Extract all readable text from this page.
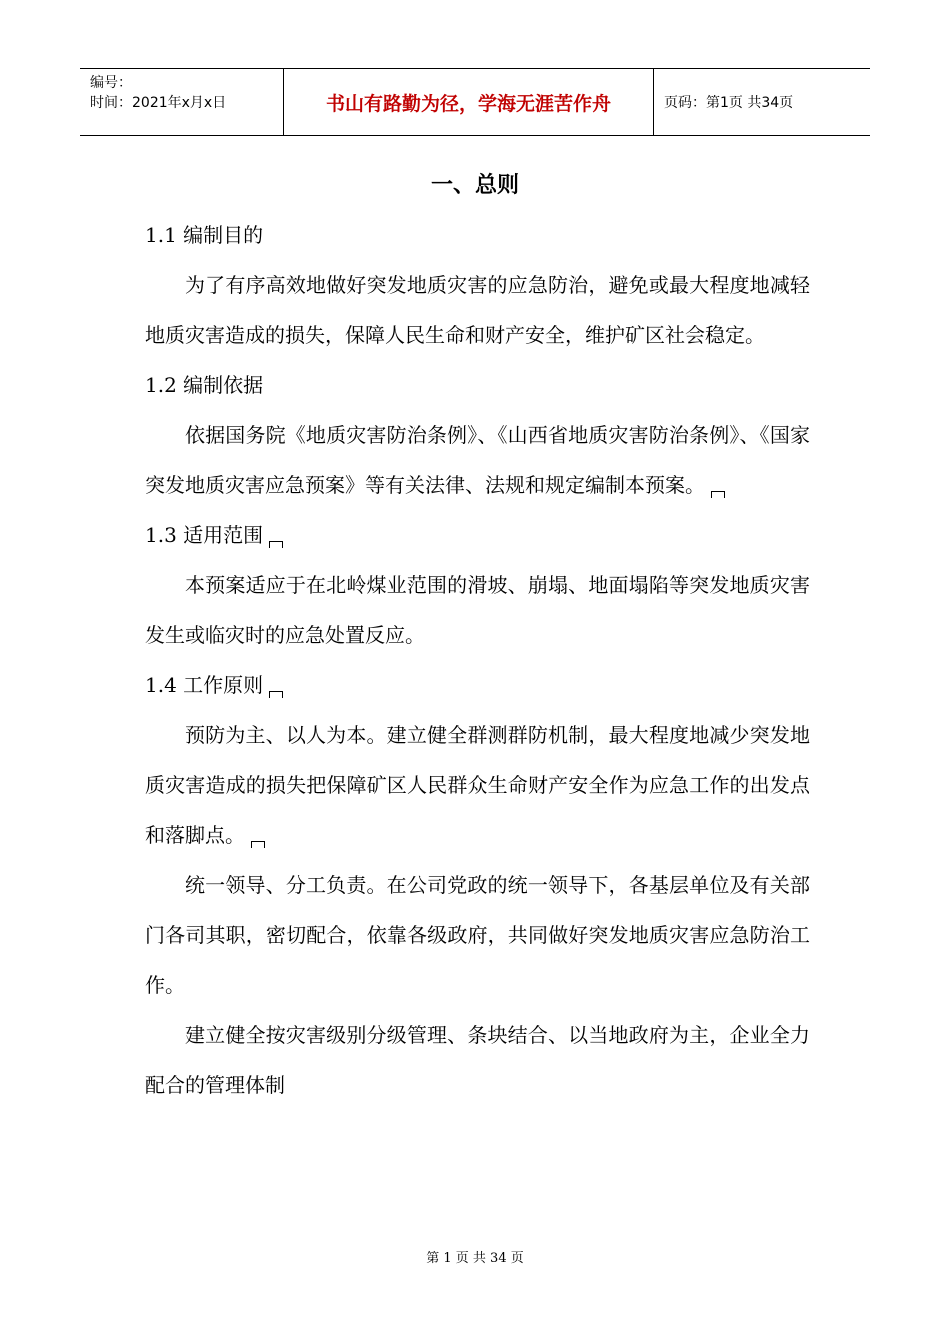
编号：
时间：2021年x月x日	书山有路勤为径，学海无涯苦作舟	页码：第1页 共34页
一、总则
1.1 编制目的
为了有序高效地做好突发地质灾害的应急防治，避免或最大程度地减轻地质灾害造成的损失，保障人民生命和财产安全，维护矿区社会稳定。
1.2 编制依据
依据国务院《地质灾害防治条例》、《山西省地质灾害防治条例》、《国家突发地质灾害应急预案》等有关法律、法规和规定编制本预案。
1.3 适用范围
本预案适应于在北岭煤业范围的滑坡、崩塌、地面塌陷等突发地质灾害发生或临灾时的应急处置反应。
1.4 工作原则
预防为主、以人为本。建立健全群测群防机制，最大程度地减少突发地质灾害造成的损失把保障矿区人民群众生命财产安全作为应急工作的出发点和落脚点。
统一领导、分工负责。在公司党政的统一领导下，各基层单位及有关部门各司其职，密切配合，依靠各级政府，共同做好突发地质灾害应急防治工作。
建立健全按灾害级别分级管理、条块结合、以当地政府为主，企业全力配合的管理体制
第 1 页 共 34 页
